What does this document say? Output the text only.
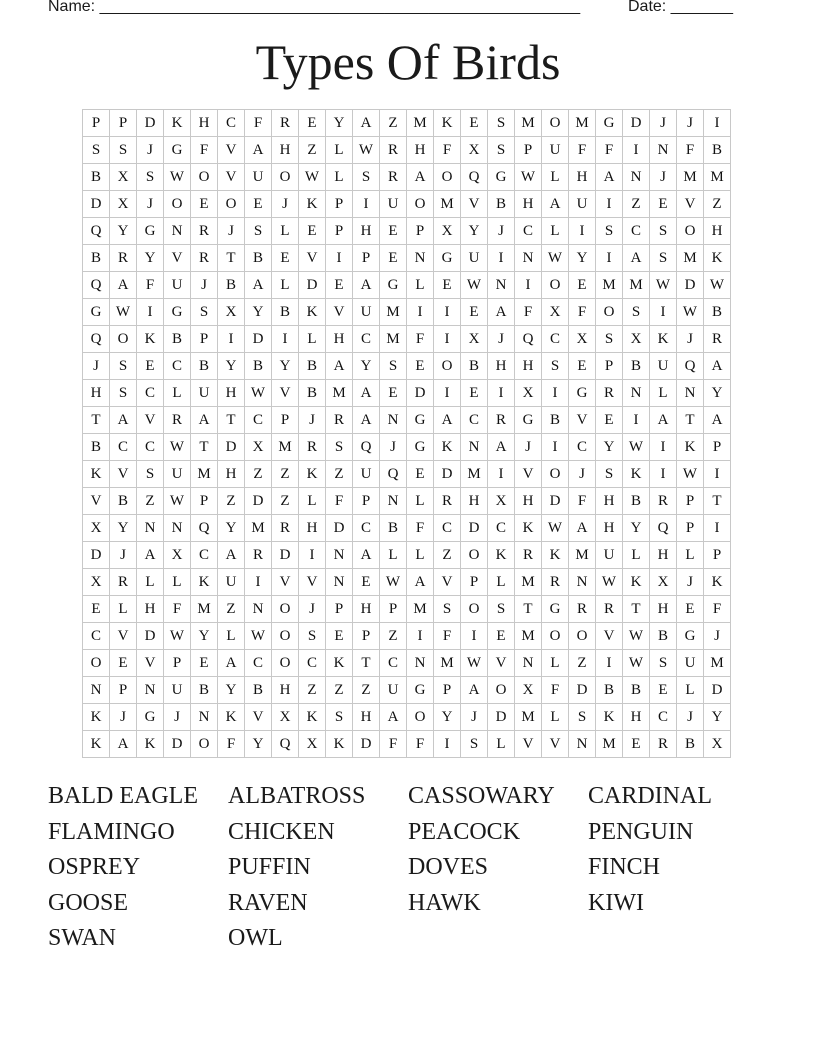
Name: ______________________________________________________	Date: _______
Types Of Birds
P	P	D	K	H	C	F	R	E	Y	A	Z	M	K	E	S	M	O	M	G	D	J	J	I
S	S	J	G	F	V	A	H	Z	L	W	R	H	F	X	S	P	U	F	F	I	N	F	B
B	X	S	W	O	V	U	O	W	L	S	R	A	O	Q	G	W	L	H	A	N	J	M	M
D	X	J	O	E	O	E	J	K	P	I	U	O	M	V	B	H	A	U	I	Z	E	V	Z
Q	Y	G	N	R	J	S	L	E	P	H	E	P	X	Y	J	C	L	I	S	C	S	O	H
B	R	Y	V	R	T	B	E	V	I	P	E	N	G	U	I	N	W	Y	I	A	S	M	K
Q	A	F	U	J	B	A	L	D	E	A	G	L	E	W	N	I	O	E	M	M	W	D	W
G	W	I	G	S	X	Y	B	K	V	U	M	I	I	E	A	F	X	F	O	S	I	W	B
Q	O	K	B	P	I	D	I	L	H	C	M	F	I	X	J	Q	C	X	S	X	K	J	R
J	S	E	C	B	Y	B	Y	B	A	Y	S	E	O	B	H	H	S	E	P	B	U	Q	A
H	S	C	L	U	H	W	V	B	M	A	E	D	I	E	I	X	I	G	R	N	L	N	Y
T	A	V	R	A	T	C	P	J	R	A	N	G	A	C	R	G	B	V	E	I	A	T	A
B	C	C	W	T	D	X	M	R	S	Q	J	G	K	N	A	J	I	C	Y	W	I	K	P
K	V	S	U	M	H	Z	Z	K	Z	U	Q	E	D	M	I	V	O	J	S	K	I	W	I
V	B	Z	W	P	Z	D	Z	L	F	P	N	L	R	H	X	H	D	F	H	B	R	P	T
X	Y	N	N	Q	Y	M	R	H	D	C	B	F	C	D	C	K	W	A	H	Y	Q	P	I
D	J	A	X	C	A	R	D	I	N	A	L	L	Z	O	K	R	K	M	U	L	H	L	P
X	R	L	L	K	U	I	V	V	N	E	W	A	V	P	L	M	R	N	W	K	X	J	K
E	L	H	F	M	Z	N	O	J	P	H	P	M	S	O	S	T	G	R	R	T	H	E	F
C	V	D	W	Y	L	W	O	S	E	P	Z	I	F	I	E	M	O	O	V	W	B	G	J
O	E	V	P	E	A	C	O	C	K	T	C	N	M	W	V	N	L	Z	I	W	S	U	M
N	P	N	U	B	Y	B	H	Z	Z	Z	U	G	P	A	O	X	F	D	B	B	E	L	D
K	J	G	J	N	K	V	X	K	S	H	A	O	Y	J	D	M	L	S	K	H	C	J	Y
K	A	K	D	O	F	Y	Q	X	K	D	F	F	I	S	L	V	V	N	M	E	R	B	X
BALD EAGLE	ALBATROSS	CASSOWARY	CARDINAL
FLAMINGO	CHICKEN	PEACOCK	PENGUIN
OSPREY	PUFFIN	DOVES	FINCH
GOOSE	RAVEN	HAWK	KIWI
SWAN	OWL
